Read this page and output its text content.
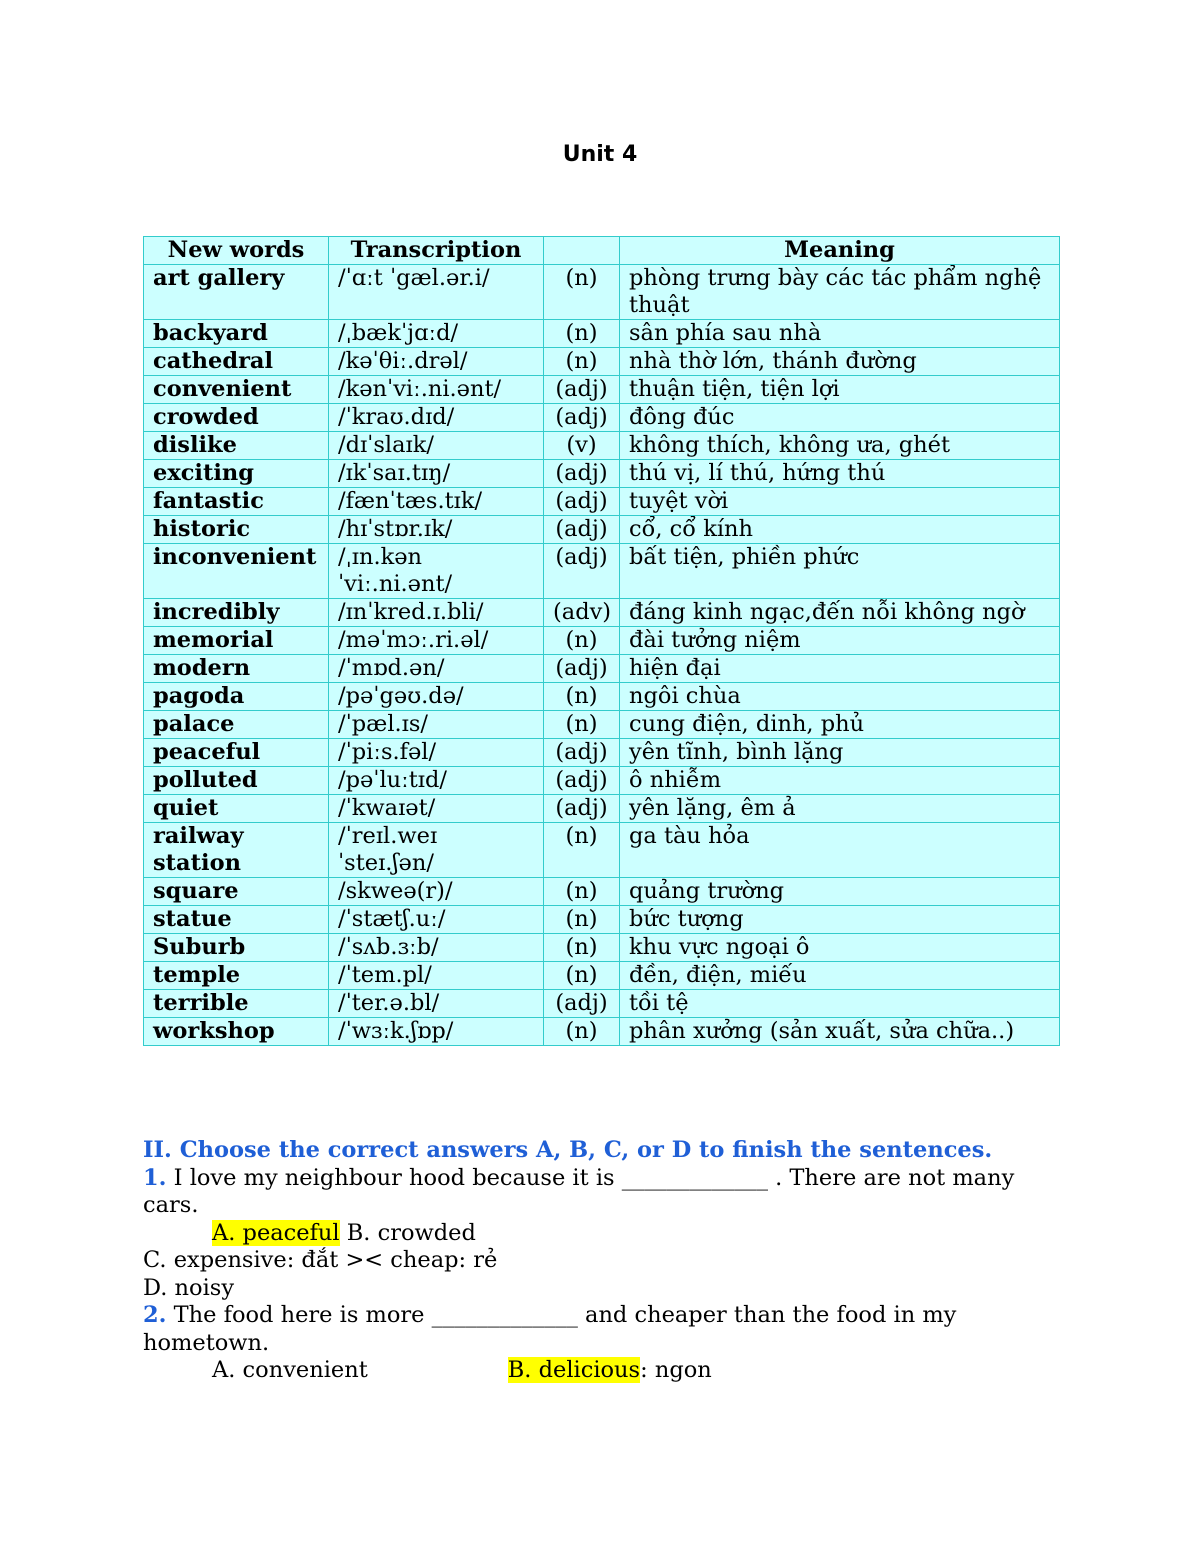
Unit 4
New words	Transcription		Meaning
art gallery	/ˈɑːt ˈgæl.ər.i/	(n)	phòng trưng bày các tác phẩm nghệ thuật
backyard	/ˌbækˈjɑːd/	(n)	sân phía sau nhà
cathedral	/kəˈθiː.drəl/	(n)	nhà thờ lớn, thánh đường
convenient	/kənˈviː.ni.ənt/	(adj)	thuận tiện, tiện lợi
crowded	/ˈkraʊ.dɪd/	(adj)	đông đúc
dislike	/dɪˈslaɪk/	(v)	không thích, không ưa, ghét
exciting	/ɪkˈsaɪ.tɪŋ/	(adj)	thú vị, lí thú, hứng thú
fantastic	/fænˈtæs.tɪk/	(adj)	tuyệt vời
historic	/hɪˈstɒr.ɪk/	(adj)	cổ, cổ kính
inconvenient	/ˌɪn.kən ˈviː.ni.ənt/	(adj)	bất tiện, phiền phức
incredibly	/ɪnˈkred.ɪ.bli/	(adv)	đáng kinh ngạc,đến nỗi không ngờ
memorial	/məˈmɔː.ri.əl/	(n)	đài tưởng niệm
modern	/ˈmɒd.ən/	(adj)	hiện đại
pagoda	/pəˈgəʊ.də/	(n)	ngôi chùa
palace	/ˈpæl.ɪs/	(n)	cung điện, dinh, phủ
peaceful	/ˈpiːs.fəl/	(adj)	yên tĩnh, bình lặng
polluted	/pəˈluːtɪd/	(adj)	ô nhiễm
quiet	/ˈkwaɪət/	(adj)	yên lặng, êm ả
railway station	/ˈreɪl.weɪ ˈsteɪ.ʃən/	(n)	ga tàu hỏa
square	/skweə(r)/	(n)	quảng trường
statue	/ˈstætʃ.uː/	(n)	bức tượng
Suburb	/ˈsʌb.ɜːb/	(n)	khu vực ngoại ô
temple	/ˈtem.pl/	(n)	đền, điện, miếu
terrible	/ˈter.ə.bl/	(adj)	tồi tệ
workshop	/ˈwɜːk.ʃɒp/	(n)	phân xưởng (sản xuất, sửa chữa..)

II. Choose the correct answers A, B, C, or D to finish the sentences.

1. I love my neighbour hood because it is _____________ . There are not many cars.

A. peaceful B. crowded

C. expensive: đắt >< cheap: rẻ

D. noisy

2. The food here is more _____________ and cheaper than the food in my hometown.

A. convenient	B. delicious: ngon
